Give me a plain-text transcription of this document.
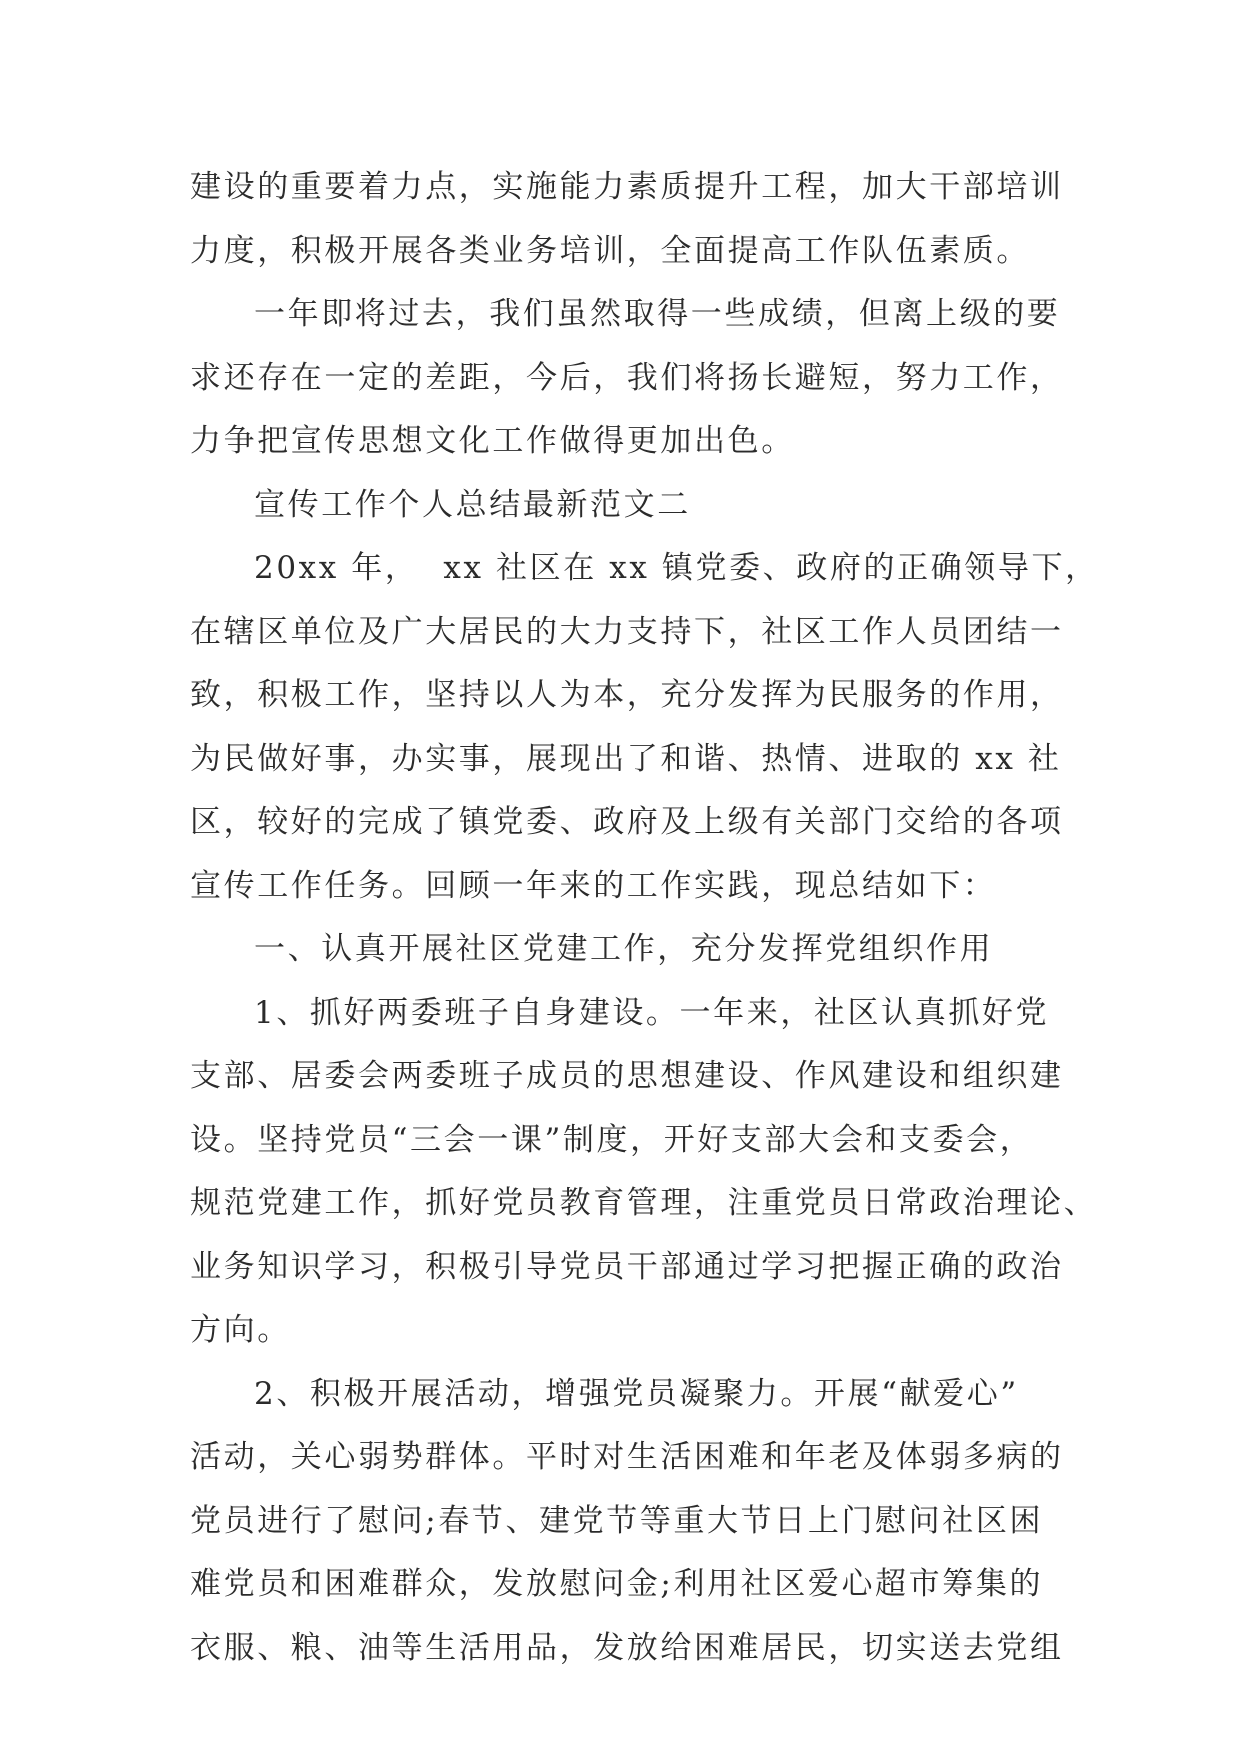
建设的重要着力点，实施能力素质提升工程，加大干部培训
力度，积极开展各类业务培训，全面提高工作队伍素质。
一年即将过去，我们虽然取得一些成绩，但离上级的要
求还存在一定的差距，今后，我们将扬长避短，努力工作，
力争把宣传思想文化工作做得更加出色。
宣传工作个人总结最新范文二
20xx 年，  xx 社区在 xx 镇党委、政府的正确领导下，
在辖区单位及广大居民的大力支持下，社区工作人员团结一
致，积极工作，坚持以人为本，充分发挥为民服务的作用，
为民做好事，办实事，展现出了和谐、热情、进取的 xx 社
区，较好的完成了镇党委、政府及上级有关部门交给的各项
宣传工作任务。回顾一年来的工作实践，现总结如下：
一、认真开展社区党建工作，充分发挥党组织作用
1、抓好两委班子自身建设。一年来，社区认真抓好党
支部、居委会两委班子成员的思想建设、作风建设和组织建
设。坚持党员“三会一课”制度，开好支部大会和支委会，
规范党建工作，抓好党员教育管理，注重党员日常政治理论、
业务知识学习，积极引导党员干部通过学习把握正确的政治
方向。
2、积极开展活动，增强党员凝聚力。开展“献爱心”
活动，关心弱势群体。平时对生活困难和年老及体弱多病的
党员进行了慰问;春节、建党节等重大节日上门慰问社区困
难党员和困难群众，发放慰问金;利用社区爱心超市筹集的
衣服、粮、油等生活用品，发放给困难居民，切实送去党组
